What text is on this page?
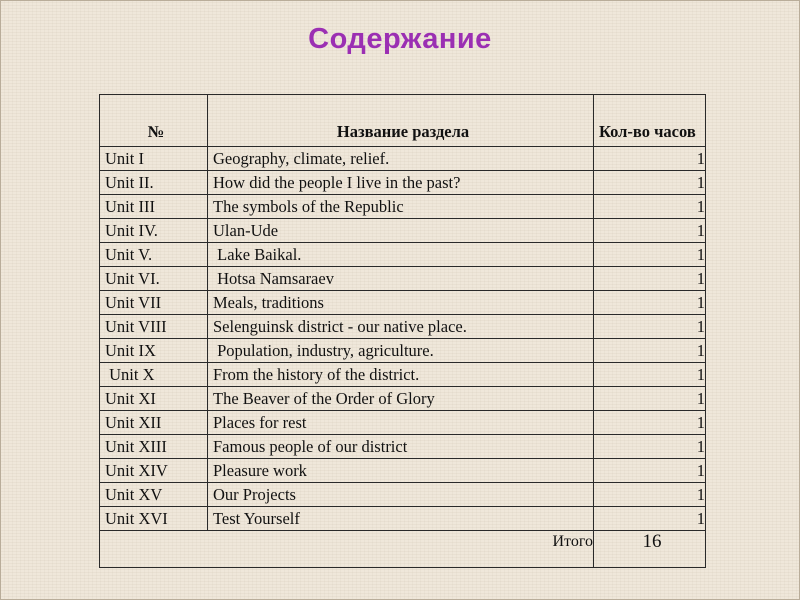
Содержание
№	Название раздела	Кол-во часов
Unit I	Geography, climate, relief.	1
Unit II.	How did the people I live in the past?	1
Unit III	The symbols of the Republic	1
Unit IV.	Ulan-Ude	1
Unit V.	Lake Baikal.	1
Unit VI.	Hotsa Namsaraev	1
Unit VII	Meals, traditions	1
Unit VIII	Selenguinsk district - our native place.	1
Unit IX	Population, industry, agriculture.	1
Unit X	From the history of the district.	1
Unit XI	The Beaver of the Order of Glory	1
Unit XII	Places for rest	1
Unit XIII	Famous people of our district	1
Unit XIV	Pleasure work	1
Unit XV	Our Projects	1
Unit XVI	Test Yourself	1
Итого		16
